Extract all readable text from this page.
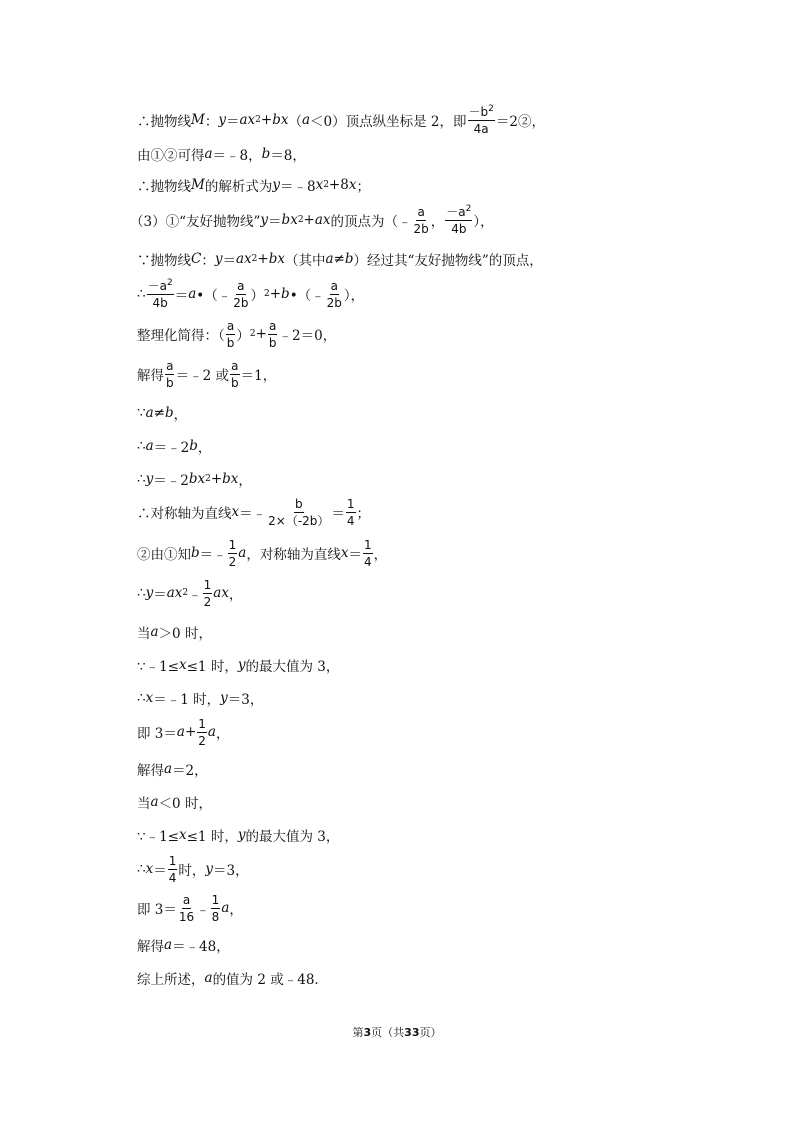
∴抛物线 M ： y ＝ ax 2 + bx （ a ＜0）顶点纵坐标是 2，即 $\frac{-b^2}{4a}$ ＝2②，
由①②可得 a ＝﹣8， b ＝8，
∴抛物线 M 的解析式为 y ＝﹣8 x 2 +8 x ；
（3）①“友好抛物线” y ＝ bx 2 + ax 的顶点为（﹣ $\frac{a}{2b}$ ， $\frac{-a^2}{4b}$ ），
∵抛物线 C ： y ＝ ax 2 + bx （其中 a ≠ b ）经过其“友好抛物线”的顶点，
∴ $\frac{-a^2}{4b} = a$ •（﹣ $\frac{a}{2b}$ ） 2 + b •（﹣ $\frac{a}{2b}$ ），
整理化简得：（ $\frac{a}{b}$ ） $2 + \frac{a}{b}$ ﹣2＝0，
解得 $\frac{a}{b}$ ＝﹣2 或 $\frac{a}{b} =1$，
∵ a ≠ b ，
∴ a ＝﹣2 b ，
∴ y ＝﹣2 bx 2 + bx ，
∴对称轴为直线 x ＝﹣ $\frac{b}{2\times(-2b)} = \frac{1}{4}$ ；
②由①知 b ＝﹣ $\frac{1}{2}$ a ，对称轴为直线 $x = \frac{1}{4}$ ，
∴ y ＝ ax 2 ﹣ $\frac{1}{2}$ ax ，
当 a ＞0 时，
∵﹣1≤ x ≤1 时， y 的最大值为 3，
∴ x ＝﹣1 时， y ＝3，
即 $3= a + \frac{1}{2}$ a ，
解得 a ＝2，
当 a ＜0 时，
∵﹣1≤ x ≤1 时， y 的最大值为 3，
∴ $x = \frac{1}{4}$ 时， y ＝3，
即 $3= \frac{a}{16}$ ﹣ $\frac{1}{8}$ a ，
解得 a ＝﹣48，
综上所述， a 的值为 2 或﹣48．
第3页（共33页）
